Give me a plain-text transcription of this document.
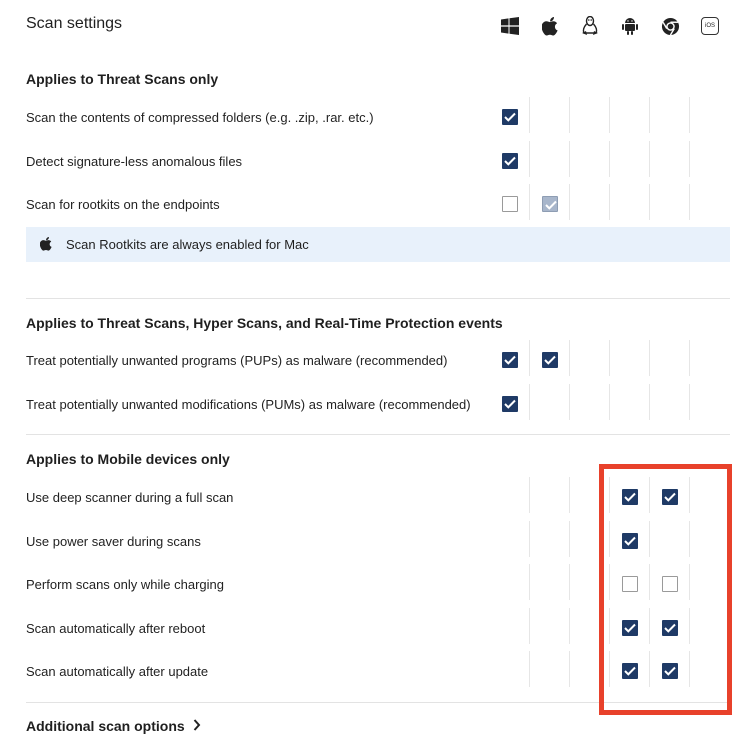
Scan settings	iOS
Applies to Threat Scans only
Scan the contents of compressed folders (e.g. .zip, .rar. etc.)
Detect signature-less anomalous files
Scan for rootkits on the endpoints
Scan Rootkits are always enabled for Mac
Applies to Threat Scans, Hyper Scans, and Real-Time Protection events
Treat potentially unwanted programs (PUPs) as malware (recommended)
Treat potentially unwanted modifications (PUMs) as malware (recommended)
Applies to Mobile devices only
Use deep scanner during a full scan
Use power saver during scans
Perform scans only while charging
Scan automatically after reboot
Scan automatically after update
Additional scan options
